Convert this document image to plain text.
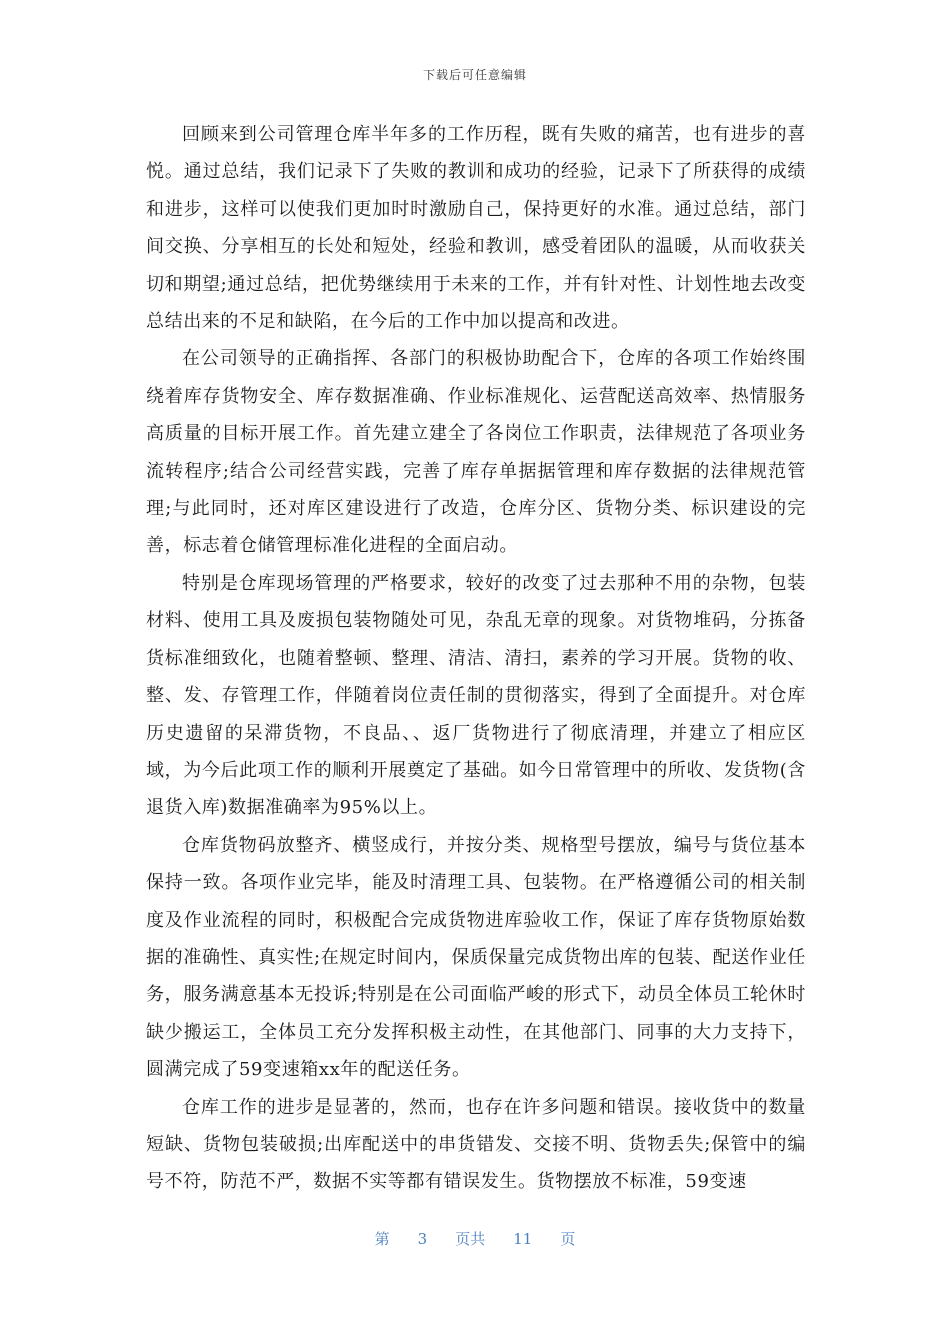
下载后可任意编辑

回顾来到公司管理仓库半年多的工作历程，既有失败的痛苦，也有进步的喜悦。通过总结，我们记录下了失败的教训和成功的经验，记录下了所获得的成绩和进步，这样可以使我们更加时时激励自己，保持更好的水准。通过总结，部门间交换、分享相互的长处和短处，经验和教训，感受着团队的温暖，从而收获关切和期望;通过总结，把优势继续用于未来的工作，并有针对性、计划性地去改变总结出来的不足和缺陷，在今后的工作中加以提高和改进。

在公司领导的正确指挥、各部门的积极协助配合下，仓库的各项工作始终围绕着库存货物安全、库存数据准确、作业标准规化、运营配送高效率、热情服务高质量的目标开展工作。首先建立建全了各岗位工作职责，法律规范了各项业务流转程序;结合公司经营实践，完善了库存单据据管理和库存数据的法律规范管理;与此同时，还对库区建设进行了改造，仓库分区、货物分类、标识建设的完善，标志着仓储管理标准化进程的全面启动。

特别是仓库现场管理的严格要求，较好的改变了过去那种不用的杂物，包装材料、使用工具及废损包装物随处可见，杂乱无章的现象。对货物堆码，分拣备货标准细致化，也随着整顿、整理、清洁、清扫，素养的学习开展。货物的收、整、发、存管理工作，伴随着岗位责任制的贯彻落实，得到了全面提升。对仓库历史遗留的呆滞货物，不良品、、返厂货物进行了彻底清理，并建立了相应区域，为今后此项工作的顺利开展奠定了基础。如今日常管理中的所收、发货物(含退货入库)数据准确率为95%以上。

仓库货物码放整齐、横竖成行，并按分类、规格型号摆放，编号与货位基本保持一致。各项作业完毕，能及时清理工具、包装物。在严格遵循公司的相关制度及作业流程的同时，积极配合完成货物进库验收工作，保证了库存货物原始数据的准确性、真实性;在规定时间内，保质保量完成货物出库的包装、配送作业任务，服务满意基本无投诉;特别是在公司面临严峻的形式下，动员全体员工轮休时缺少搬运工，全体员工充分发挥积极主动性，在其他部门、同事的大力支持下，圆满完成了59变速箱xx年的配送任务。

仓库工作的进步是显著的，然而，也存在许多问题和错误。接收货中的数量短缺、货物包装破损;出库配送中的串货错发、交接不明、货物丢失;保管中的编号不符，防范不严，数据不实等都有错误发生。货物摆放不标准，59变速

第 3 页共 11 页
